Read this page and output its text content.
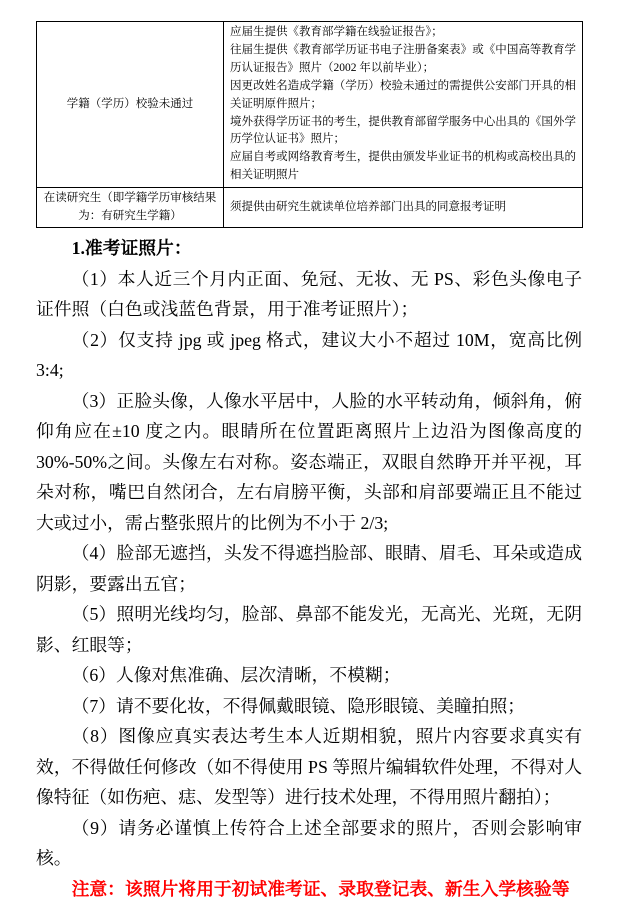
学籍（学历）校验未通过	应届生提供《教育部学籍在线验证报告》；
往届生提供《教育部学历证书电子注册备案表》或《中国高等教育学历认证报告》照片（2002 年以前毕业）；
因更改姓名造成学籍（学历）校验未通过的需提供公安部门开具的相关证明原件照片；
境外获得学历证书的考生，提供教育部留学服务中心出具的《国外学历学位认证书》照片；
应届自考或网络教育考生，提供由颁发毕业证书的机构或高校出具的相关证明照片

在读研究生（即学籍学历审核结果为：有研究生学籍）	须提供由研究生就读单位培养部门出具的同意报考证明
1.准考证照片：
（1）本人近三个月内正面、免冠、无妆、无 PS、彩色头像电子证件照（白色或浅蓝色背景，用于准考证照片）；
（2）仅支持 jpg 或 jpeg 格式，建议大小不超过 10M，宽高比例 3:4;
（3）正脸头像，人像水平居中，人脸的水平转动角，倾斜角，俯仰角应在±10 度之内。眼睛所在位置距离照片上边沿为图像高度的 30%-50%之间。头像左右对称。姿态端正，双眼自然睁开并平视，耳朵对称，嘴巴自然闭合，左右肩膀平衡，头部和肩部要端正且不能过大或过小，需占整张照片的比例为不小于 2/3;
（4）脸部无遮挡，头发不得遮挡脸部、眼睛、眉毛、耳朵或造成阴影，要露出五官；
（5）照明光线均匀，脸部、鼻部不能发光，无高光、光斑，无阴影、红眼等；
（6）人像对焦准确、层次清晰，不模糊；
（7）请不要化妆，不得佩戴眼镜、隐形眼镜、美瞳拍照；
（8）图像应真实表达考生本人近期相貌，照片内容要求真实有效，不得做任何修改（如不得使用 PS 等照片编辑软件处理，不得对人像特征（如伤疤、痣、发型等）进行技术处理，不得用照片翻拍）；
（9）请务必谨慎上传符合上述全部要求的照片，否则会影响审核。
注意：该照片将用于初试准考证、录取登记表、新生入学核验等
